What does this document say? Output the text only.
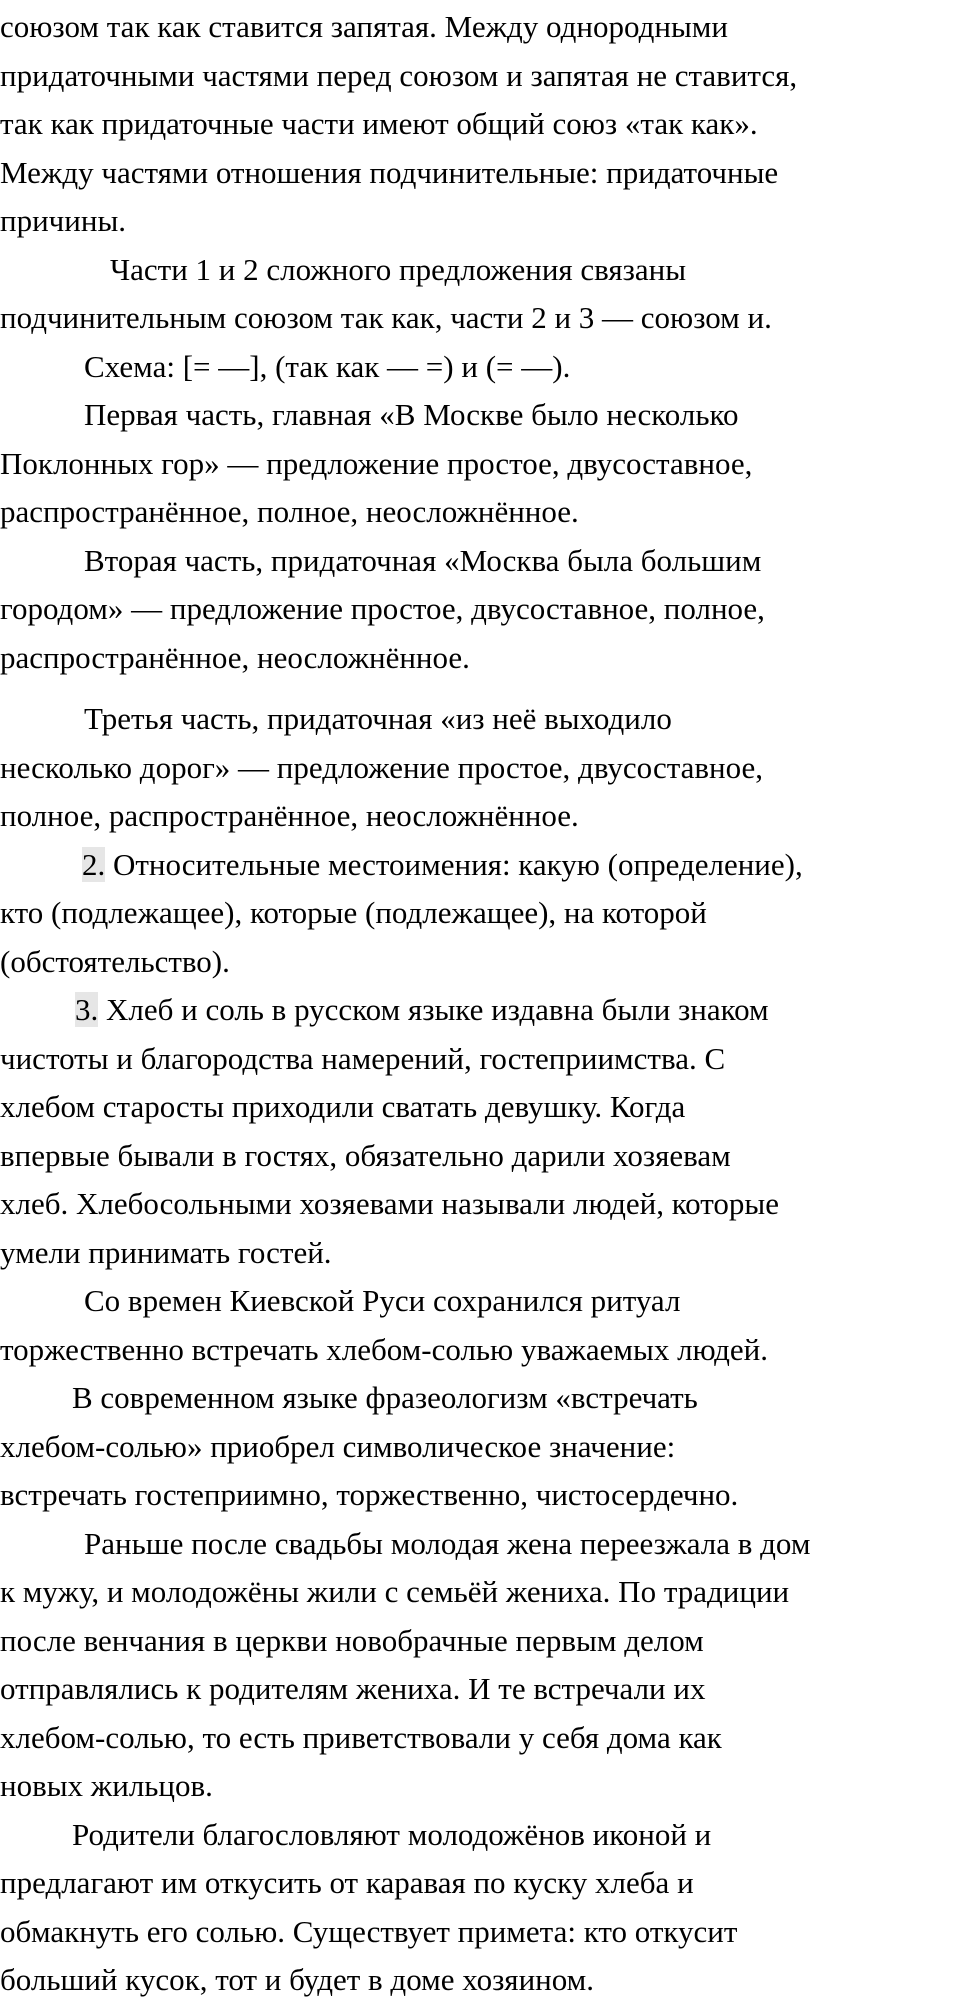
союзом так как ставится запятая. Между однородными
придаточными частями перед союзом и запятая не ставится,
так как придаточные части имеют общий союз «так как».
Между частями отношения подчинительные: придаточные
причины.
Части 1 и 2 сложного предложения связаны
подчинительным союзом так как, части 2 и 3 — союзом и.
Схема: [= —], (так как — =) и (= —).
Первая часть, главная «В Москве было несколько
Поклонных гор» — предложение простое, двусоставное,
распространённое, полное, неосложнённое.
Вторая часть, придаточная «Москва была большим
городом» — предложение простое, двусоставное, полное,
распространённое, неосложнённое.
Третья часть, придаточная «из неё выходило
несколько дорог» — предложение простое, двусоставное,
полное, распространённое, неосложнённое.
2. Относительные местоимения: какую (определение),
кто (подлежащее), которые (подлежащее), на которой
(обстоятельство).
3. Хлеб и соль в русском языке издавна были знаком
чистоты и благородства намерений, гостеприимства. С
хлебом старосты приходили сватать девушку. Когда
впервые бывали в гостях, обязательно дарили хозяевам
хлеб. Хлебосольными хозяевами называли людей, которые
умели принимать гостей.
Со времен Киевской Руси сохранился ритуал
торжественно встречать хлебом-солью уважаемых людей.
В современном языке фразеологизм «встречать
хлебом-солью» приобрел символическое значение:
встречать гостеприимно, торжественно, чистосердечно.
Раньше после свадьбы молодая жена переезжала в дом
к мужу, и молодожёны жили с семьёй жениха. По традиции
после венчания в церкви новобрачные первым делом
отправлялись к родителям жениха. И те встречали их
хлебом-солью, то есть приветствовали у себя дома как
новых жильцов.
Родители благословляют молодожёнов иконой и
предлагают им откусить от каравая по куску хлеба и
обмакнуть его солью. Существует примета: кто откусит
больший кусок, тот и будет в доме хозяином.
